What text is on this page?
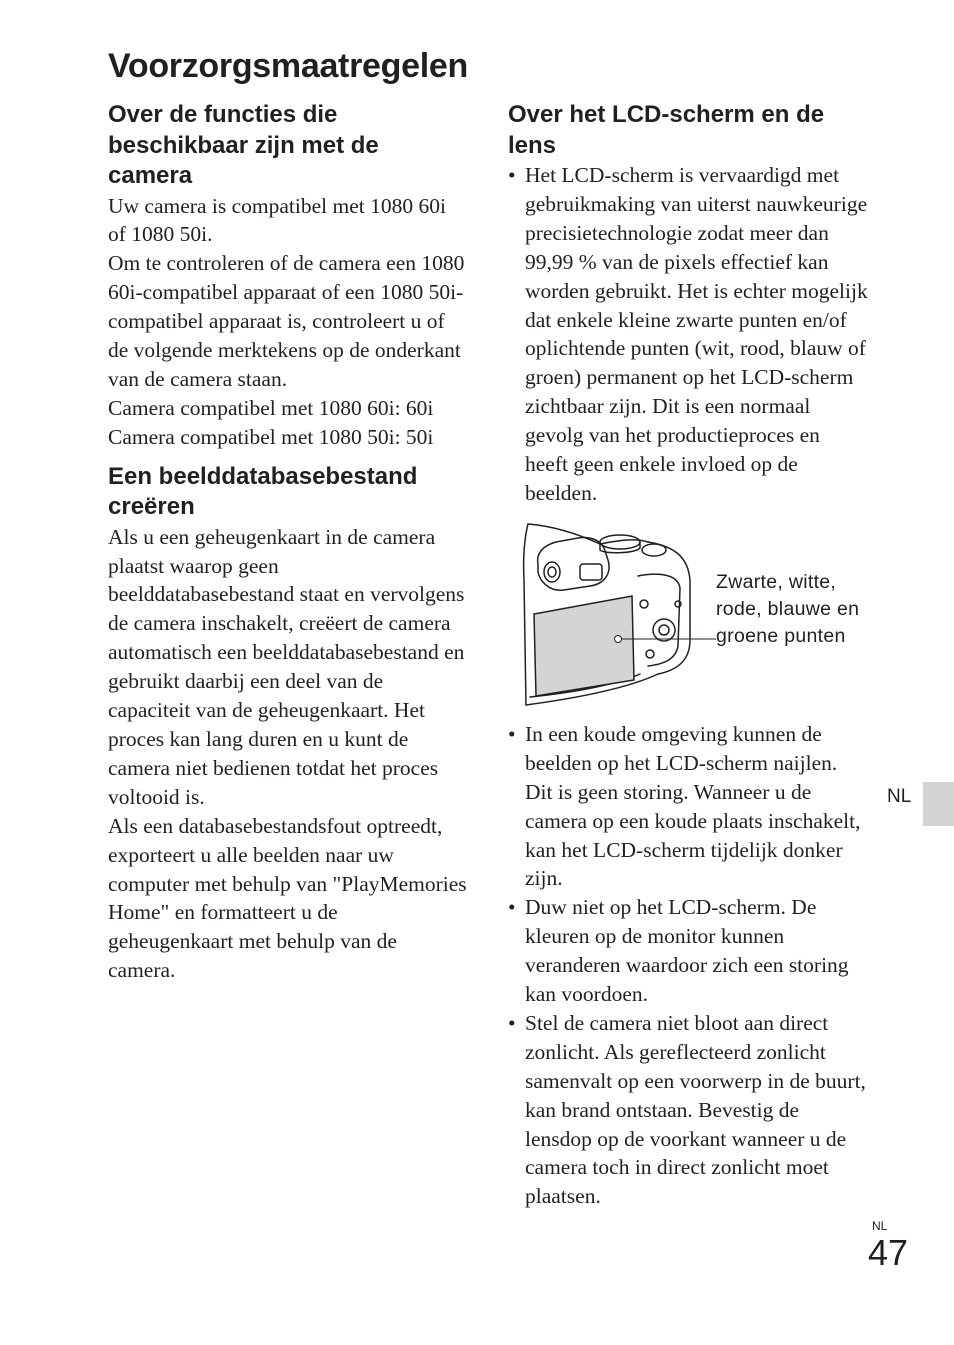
Voorzorgsmaatregelen
Over de functies die beschikbaar zijn met de camera

Uw camera is compatibel met 1080 60i of 1080 50i.

Om te controleren of de camera een 1080 60i-compatibel apparaat of een 1080 50i-compatibel apparaat is, controleert u of de volgende merktekens op de onderkant van de camera staan.

Camera compatibel met 1080 60i: 60i

Camera compatibel met 1080 50i: 50i

Een beelddatabasebestand creëren

Als u een geheugenkaart in de camera plaatst waarop geen beelddatabasebestand staat en vervolgens de camera inschakelt, creëert de camera automatisch een beelddatabasebestand en gebruikt daarbij een deel van de capaciteit van de geheugenkaart. Het proces kan lang duren en u kunt de camera niet bedienen totdat het proces voltooid is.

Als een databasebestandsfout optreedt, exporteert u alle beelden naar uw computer met behulp van "PlayMemories Home" en formatteert u de geheugenkaart met behulp van de camera.

Over het LCD-scherm en de lens
• Het LCD-scherm is vervaardigd met gebruikmaking van uiterst nauwkeurige precisietechnologie zodat meer dan 99,99 % van de pixels effectief kan worden gebruikt. Het is echter mogelijk dat enkele kleine zwarte punten en/of oplichtende punten (wit, rood, blauw of groen) permanent op het LCD-scherm zichtbaar zijn. Dit is een normaal gevolg van het productieproces en heeft geen enkele invloed op de beelden.
Zwarte, witte, rode, blauwe en groene punten
• In een koude omgeving kunnen de beelden op het LCD-scherm naijlen. Dit is geen storing. Wanneer u de camera op een koude plaats inschakelt, kan het LCD-scherm tijdelijk donker zijn.
• Duw niet op het LCD-scherm. De kleuren op de monitor kunnen veranderen waardoor zich een storing kan voordoen.
• Stel de camera niet bloot aan direct zonlicht. Als gereflecteerd zonlicht samenvalt op een voorwerp in de buurt, kan brand ontstaan. Bevestig de lensdop op de voorkant wanneer u de camera toch in direct zonlicht moet plaatsen.
NL
NL
47
